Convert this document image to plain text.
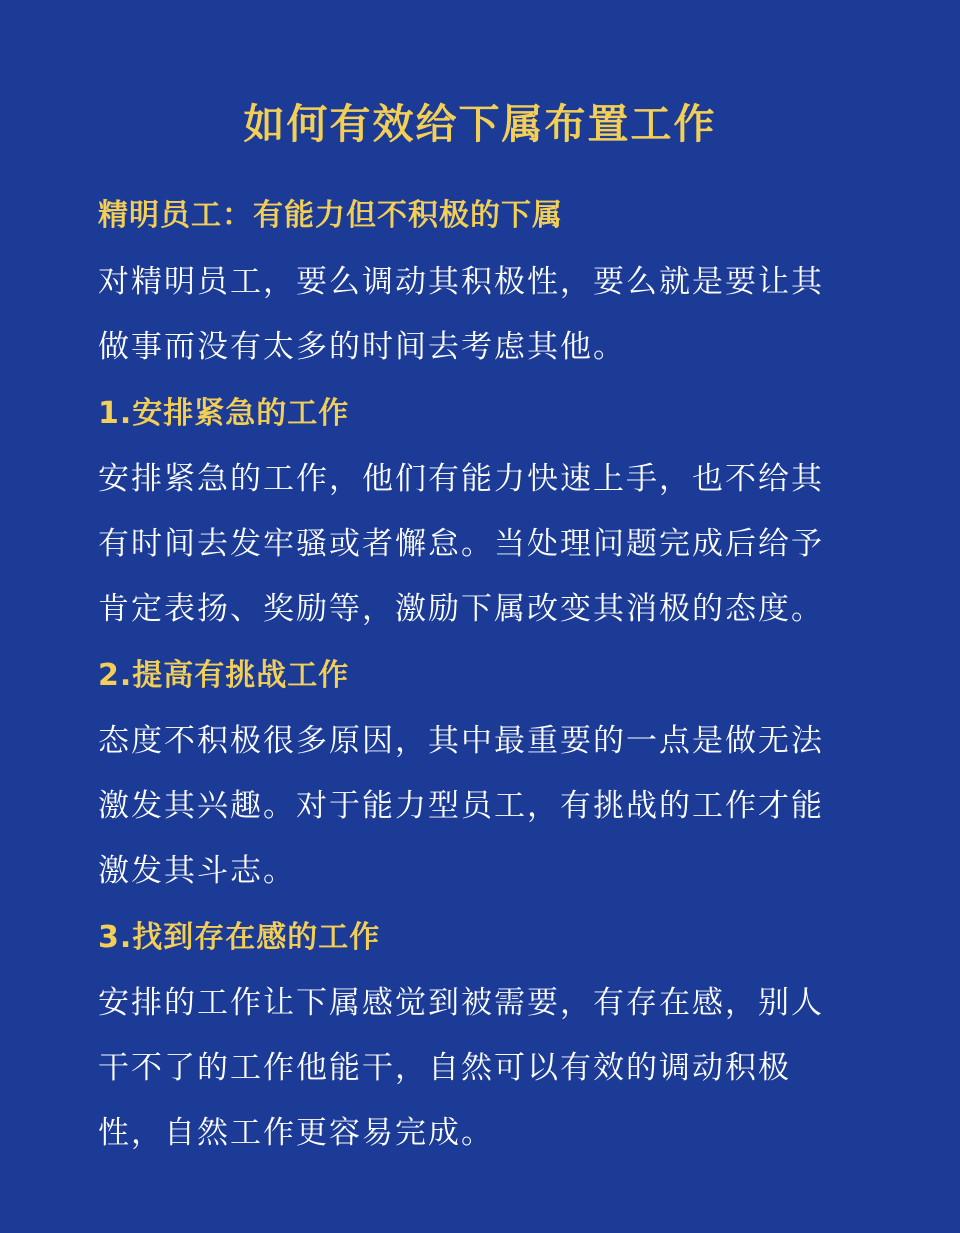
如何有效给下属布置工作
精明员工：有能力但不积极的下属
对精明员工，要么调动其积极性，要么就是要让其
做事而没有太多的时间去考虑其他。
1.安排紧急的工作
安排紧急的工作，他们有能力快速上手，也不给其
有时间去发牢骚或者懈怠。当处理问题完成后给予
肯定表扬、奖励等，激励下属改变其消极的态度。
2.提高有挑战工作
态度不积极很多原因，其中最重要的一点是做无法
激发其兴趣。对于能力型员工，有挑战的工作才能
激发其斗志。
3.找到存在感的工作
安排的工作让下属感觉到被需要，有存在感，别人
干不了的工作他能干，自然可以有效的调动积极
性，自然工作更容易完成。
